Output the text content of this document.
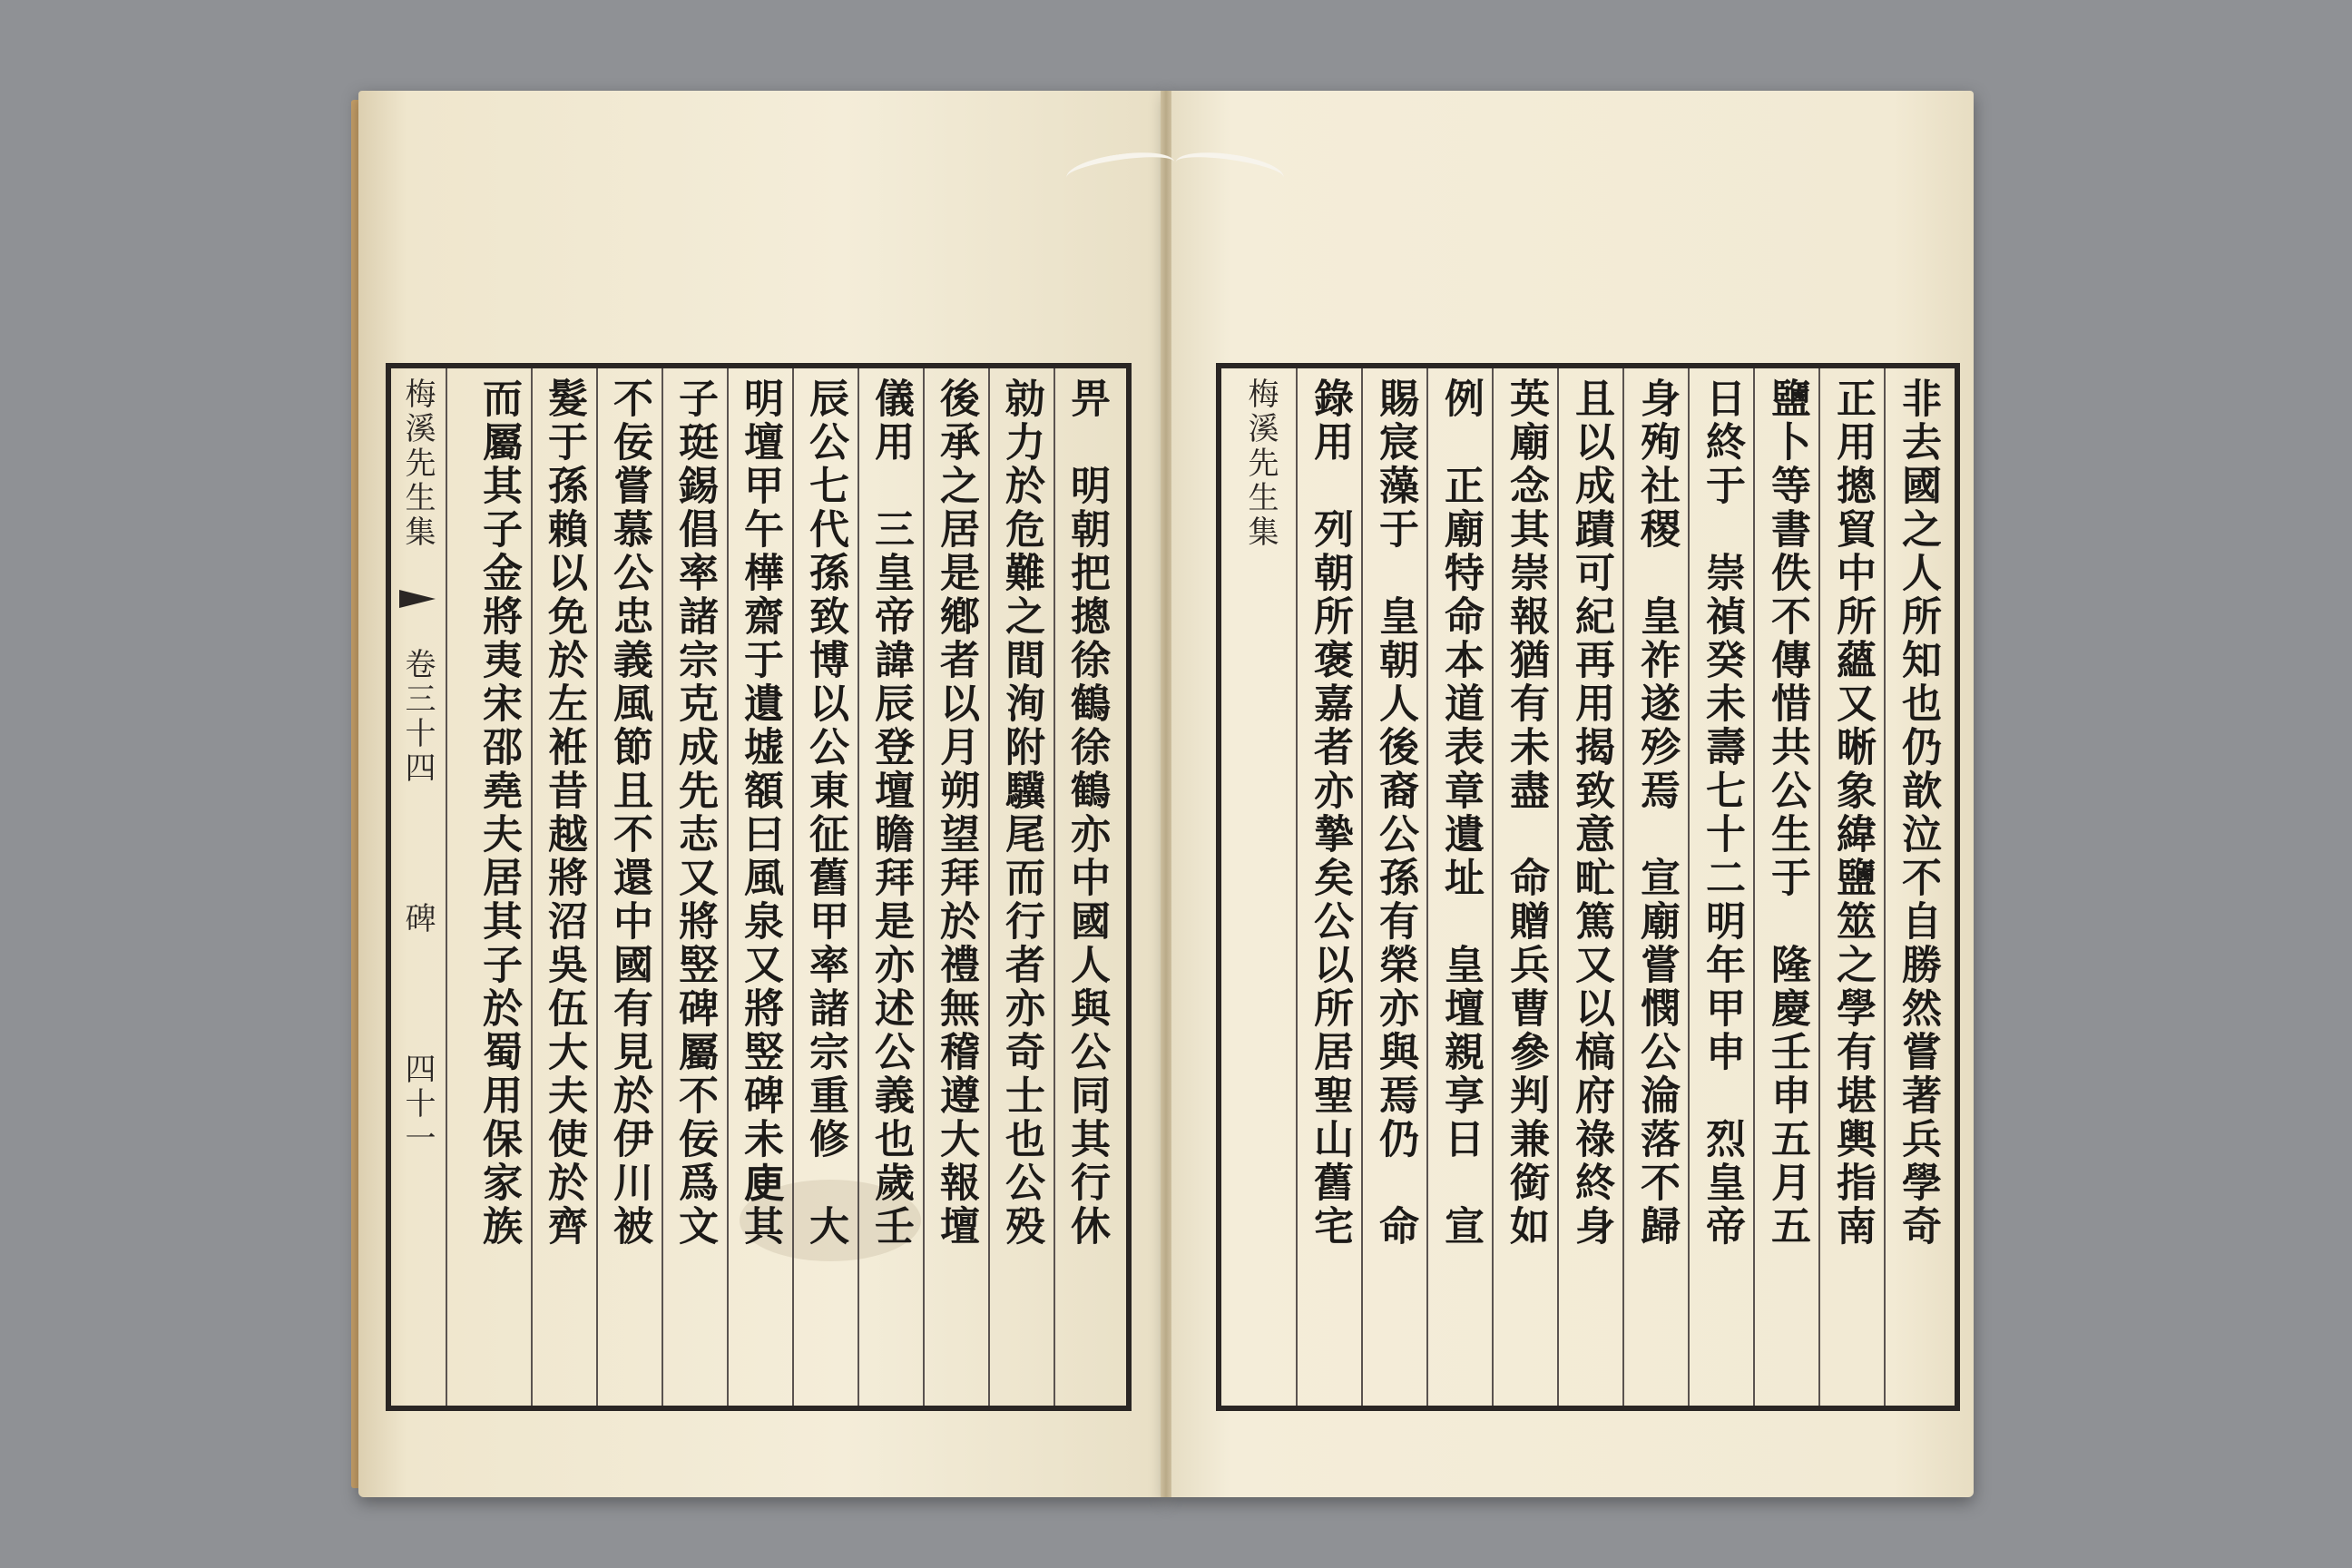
梅溪先生集  卷三十四  碑  四十一	畀　明朝把摠徐鶴徐鶴亦中國人與公同其行休
勍力於危難之間洵附驥尾而行者亦奇士也公殁
後承之居是鄕者以月朔望拜於禮無稽遵大報壇
儀用　三皇帝諱辰登壇瞻拜是亦述公義也歲壬
辰公七代孫致博以公東征舊甲率諸宗重修　大
明壇甲午樺齋于遺墟額曰風泉又將竪碑未𢈔其
子珽錫倡率諸宗克成先志又將竪碑屬不佞爲文
不佞嘗慕公忠義風節且不還中國有見於伊川被
髮于孫賴以免於左袵昔越將沼吳伍大夫使於齊
而屬其子金將夷宋邵堯夫居其子於蜀用保家族	非去國之人所知也仍歆泣不自勝然嘗著兵學奇
正用摠貿中所蘊又晰象緯鹽筮之學有堪輿指南
鹽卜等書佚不傳惜共公生于　隆慶壬申五月五
日終于　崇禎癸未壽七十二明年甲申　烈皇帝
身殉社稷　皇祚遂殄焉　宣廟嘗憫公淪落不歸
且以成蹟可紀再用揭致意甿篤又以槁府祿終身
英廟念其崇報猶有未盡　命贈兵曹參判兼銜如
例　正廟特命本道表章遺址　皇壇親享日　宣
賜宸藻于　皇朝人後裔公孫有榮亦與焉仍　命
錄用　列朝所褒嘉者亦摯矣公以所居聖山舊宅
梅溪先生集
